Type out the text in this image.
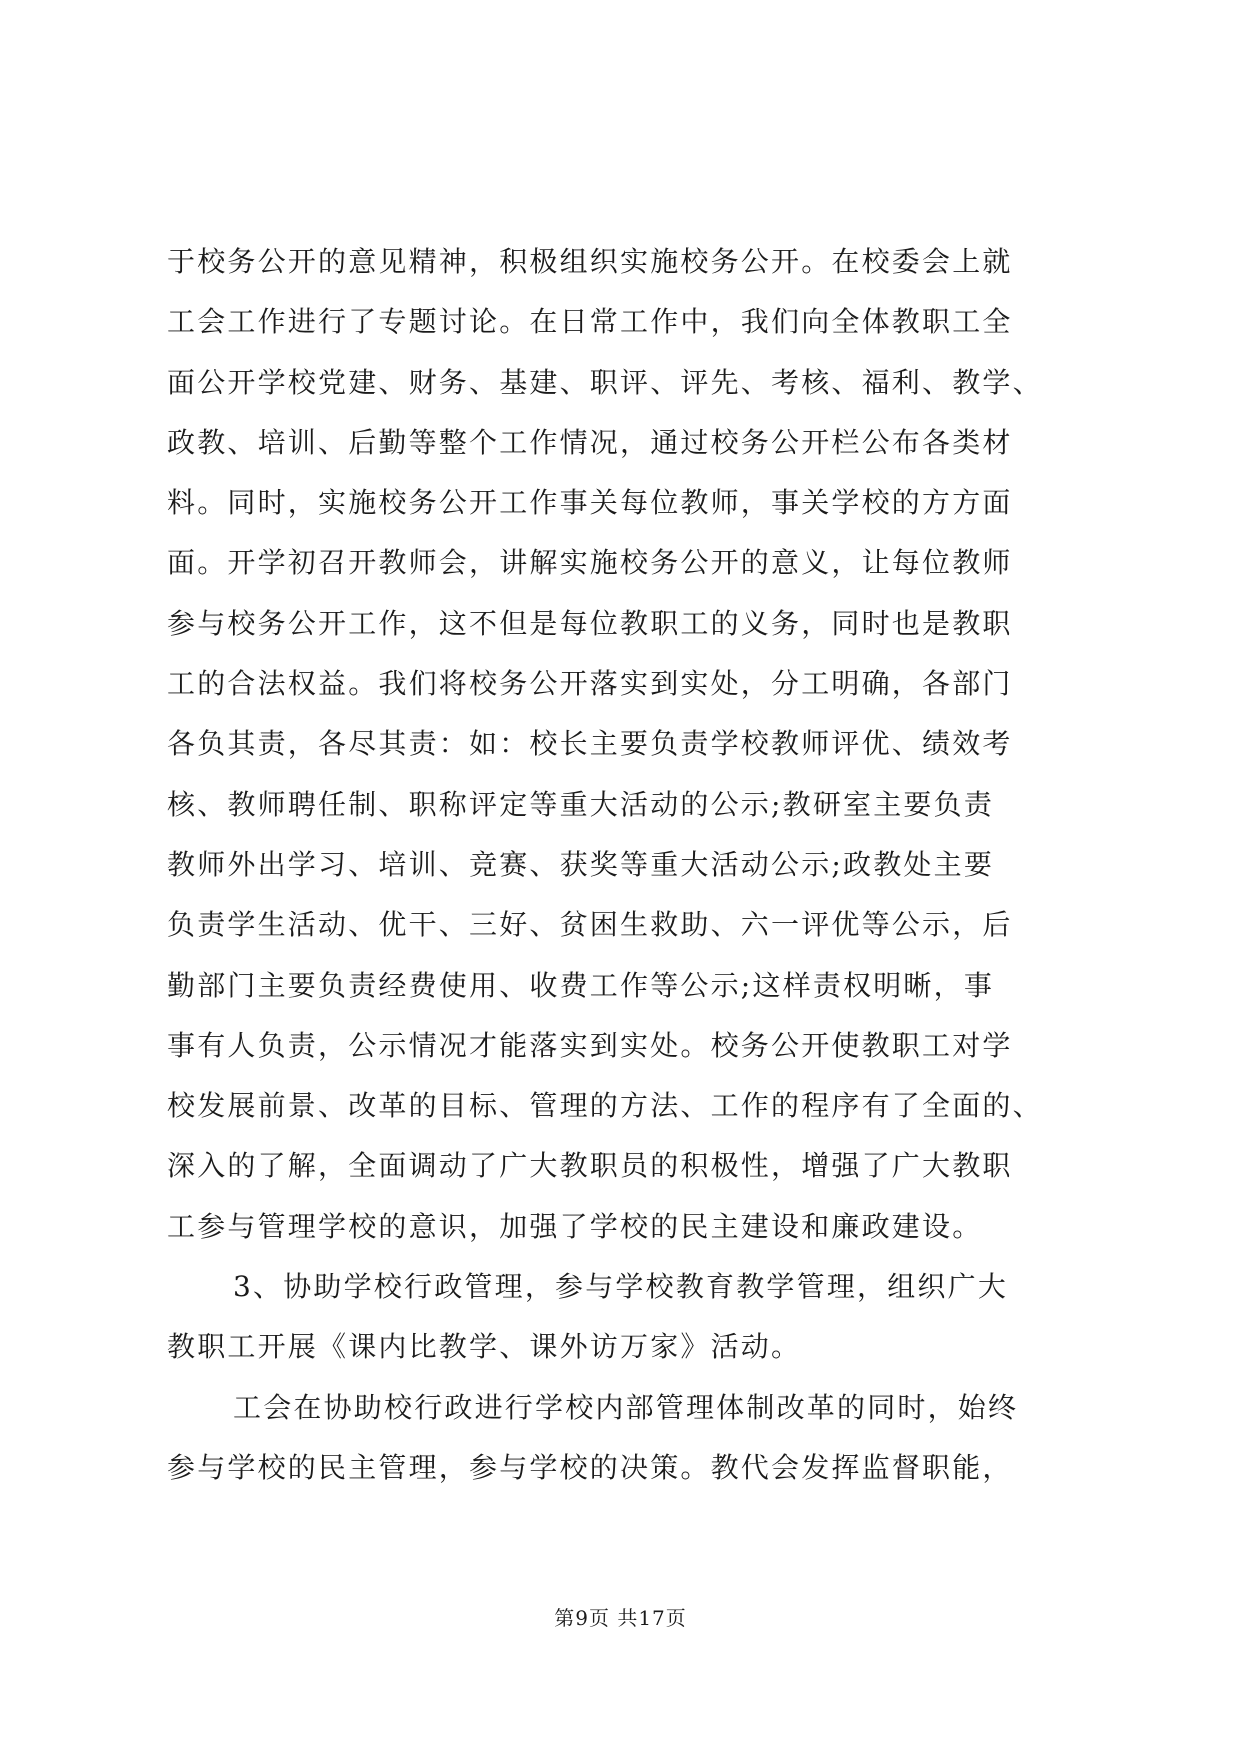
于校务公开的意见精神，积极组织实施校务公开。在校委会上就
工会工作进行了专题讨论。在日常工作中，我们向全体教职工全
面公开学校党建、财务、基建、职评、评先、考核、福利、教学、
政教、培训、后勤等整个工作情况，通过校务公开栏公布各类材
料。同时，实施校务公开工作事关每位教师，事关学校的方方面
面。开学初召开教师会，讲解实施校务公开的意义，让每位教师
参与校务公开工作，这不但是每位教职工的义务，同时也是教职
工的合法权益。我们将校务公开落实到实处，分工明确，各部门
各负其责，各尽其责：如：校长主要负责学校教师评优、绩效考
核、教师聘任制、职称评定等重大活动的公示;教研室主要负责
教师外出学习、培训、竞赛、获奖等重大活动公示;政教处主要
负责学生活动、优干、三好、贫困生救助、六一评优等公示，后
勤部门主要负责经费使用、收费工作等公示;这样责权明晰，事
事有人负责，公示情况才能落实到实处。校务公开使教职工对学
校发展前景、改革的目标、管理的方法、工作的程序有了全面的、
深入的了解，全面调动了广大教职员的积极性，增强了广大教职
工参与管理学校的意识，加强了学校的民主建设和廉政建设。
3、协助学校行政管理，参与学校教育教学管理，组织广大
教职工开展《课内比教学、课外访万家》活动。
工会在协助校行政进行学校内部管理体制改革的同时，始终
参与学校的民主管理，参与学校的决策。教代会发挥监督职能，
第9页 共17页
